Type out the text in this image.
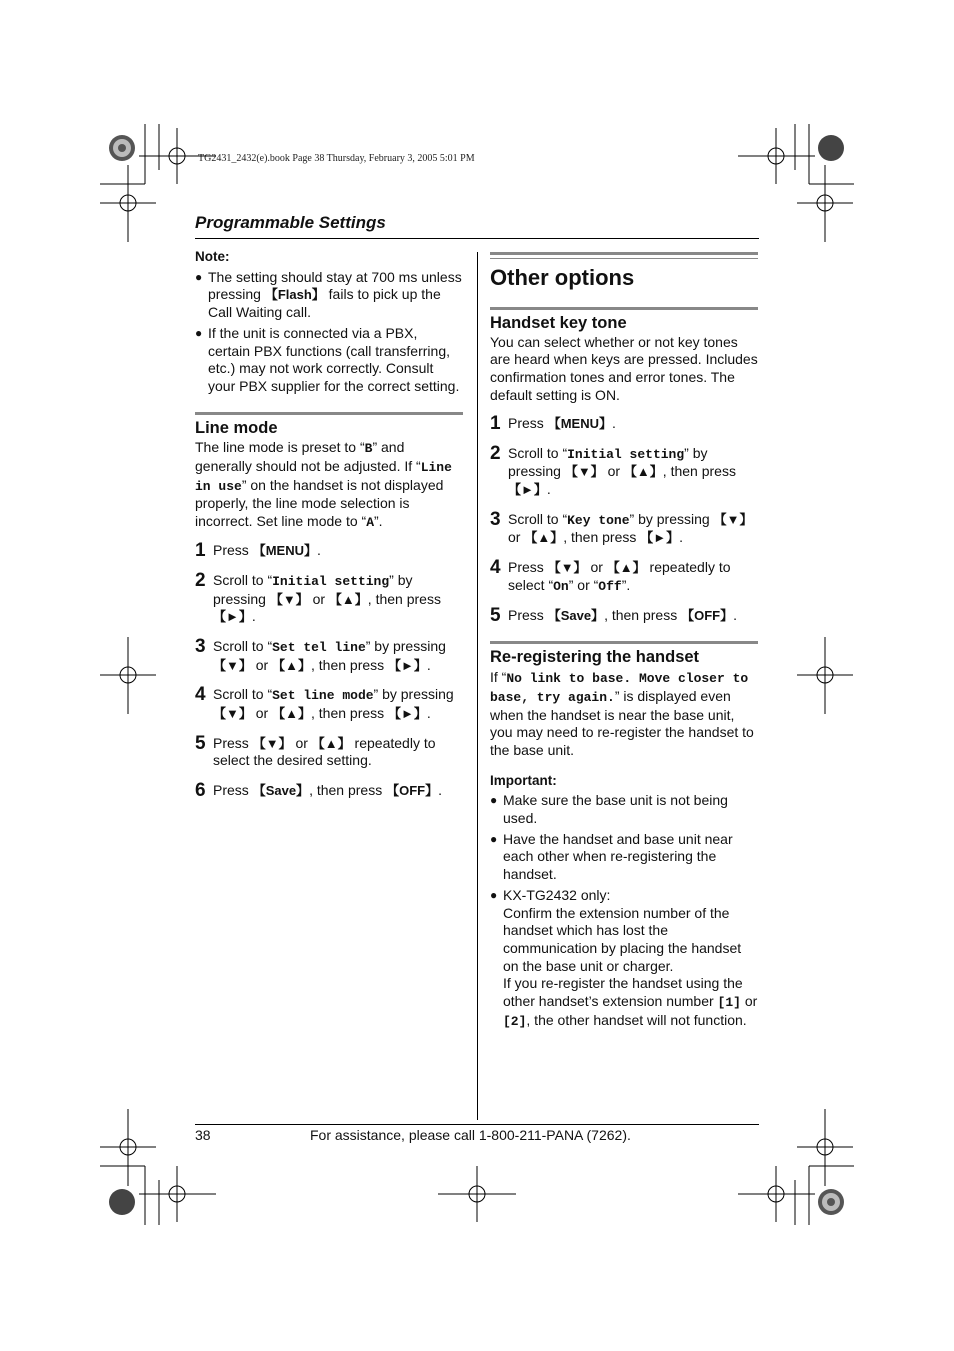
TG2431_2432(e).book Page 38 Thursday, February 3, 2005 5:01 PM
Programmable Settings

Note:

● The setting should stay at 700 ms unless pressing 【Flash】 fails to pick up the Call Waiting call.
● If the unit is connected via a PBX, certain PBX functions (call transferring, etc.) may not work correctly. Consult your PBX supplier for the correct setting.

Line mode

The line mode is preset to “B” and generally should not be adjusted. If “Line in use” on the handset is not displayed properly, the line mode selection is incorrect. Set line mode to “A”.

1 Press 【MENU】.
2 Scroll to “Initial setting” by pressing 【▼】 or 【▲】, then press 【►】.
3 Scroll to “Set tel line” by pressing 【▼】 or 【▲】, then press 【►】.
4 Scroll to “Set line mode” by pressing 【▼】 or 【▲】, then press 【►】.
5 Press 【▼】 or 【▲】 repeatedly to select the desired setting.
6 Press 【Save】, then press 【OFF】.

Other options

Handset key tone

You can select whether or not key tones are heard when keys are pressed. Includes confirmation tones and error tones. The default setting is ON.

1 Press 【MENU】.
2 Scroll to “Initial setting” by pressing 【▼】 or 【▲】, then press 【►】.
3 Scroll to “Key tone” by pressing 【▼】 or 【▲】, then press 【►】.
4 Press 【▼】 or 【▲】 repeatedly to select “On” or “Off”.
5 Press 【Save】, then press 【OFF】.

Re-registering the handset

If “No link to base. Move closer to base, try again.” is displayed even when the handset is near the base unit, you may need to re-register the handset to the base unit.

Important:

● Make sure the base unit is not being used.
● Have the handset and base unit near each other when re-registering the handset.
● KX-TG2432 only:
Confirm the extension number of the handset which has lost the communication by placing the handset on the base unit or charger.
If you re-register the handset using the other handset’s extension number [1] or [2], the other handset will not function.
38	For assistance, please call 1-800-211-PANA (7262).
